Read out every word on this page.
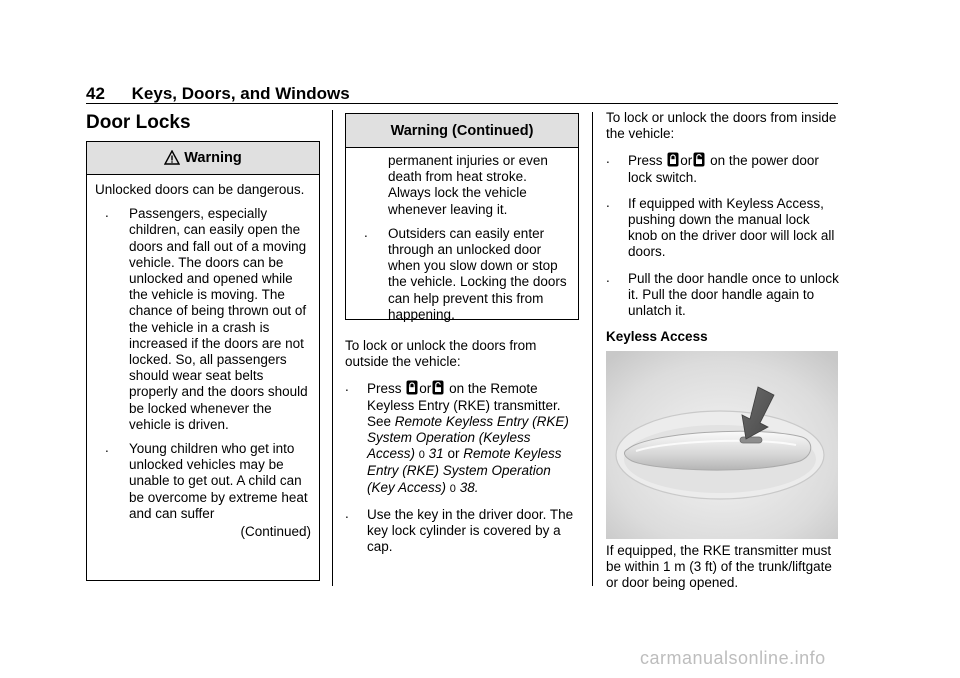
42 Keys, Doors, and Windows
Door Locks
Warning
Unlocked doors can be dangerous.
. Passengers, especially children, can easily open the doors and fall out of a moving vehicle. The doors can be unlocked and opened while the vehicle is moving. The chance of being thrown out of the vehicle in a crash is increased if the doors are not locked. So, all passengers should wear seat belts properly and the doors should be locked whenever the vehicle is driven.
. Young children who get into unlocked vehicles may be unable to get out. A child can be overcome by extreme heat and can suffer
(Continued)
Warning (Continued)
permanent injuries or even death from heat stroke. Always lock the vehicle whenever leaving it.
. Outsiders can easily enter through an unlocked door when you slow down or stop the vehicle. Locking the doors can help prevent this from happening.
To lock or unlock the doors from outside the vehicle:
. Press or on the Remote Keyless Entry (RKE) transmitter. See Remote Keyless Entry (RKE) System Operation (Keyless Access) 0 31 or Remote Keyless Entry (RKE) System Operation (Key Access) 0 38.
. Use the key in the driver door. The key lock cylinder is covered by a cap.
To lock or unlock the doors from inside the vehicle:
. Press or on the power door lock switch.
. If equipped with Keyless Access, pushing down the manual lock knob on the driver door will lock all doors.
. Pull the door handle once to unlock it. Pull the door handle again to unlatch it.
Keyless Access
If equipped, the RKE transmitter must be within 1 m (3 ft) of the trunk/liftgate or door being opened.
carmanualsonline.info
